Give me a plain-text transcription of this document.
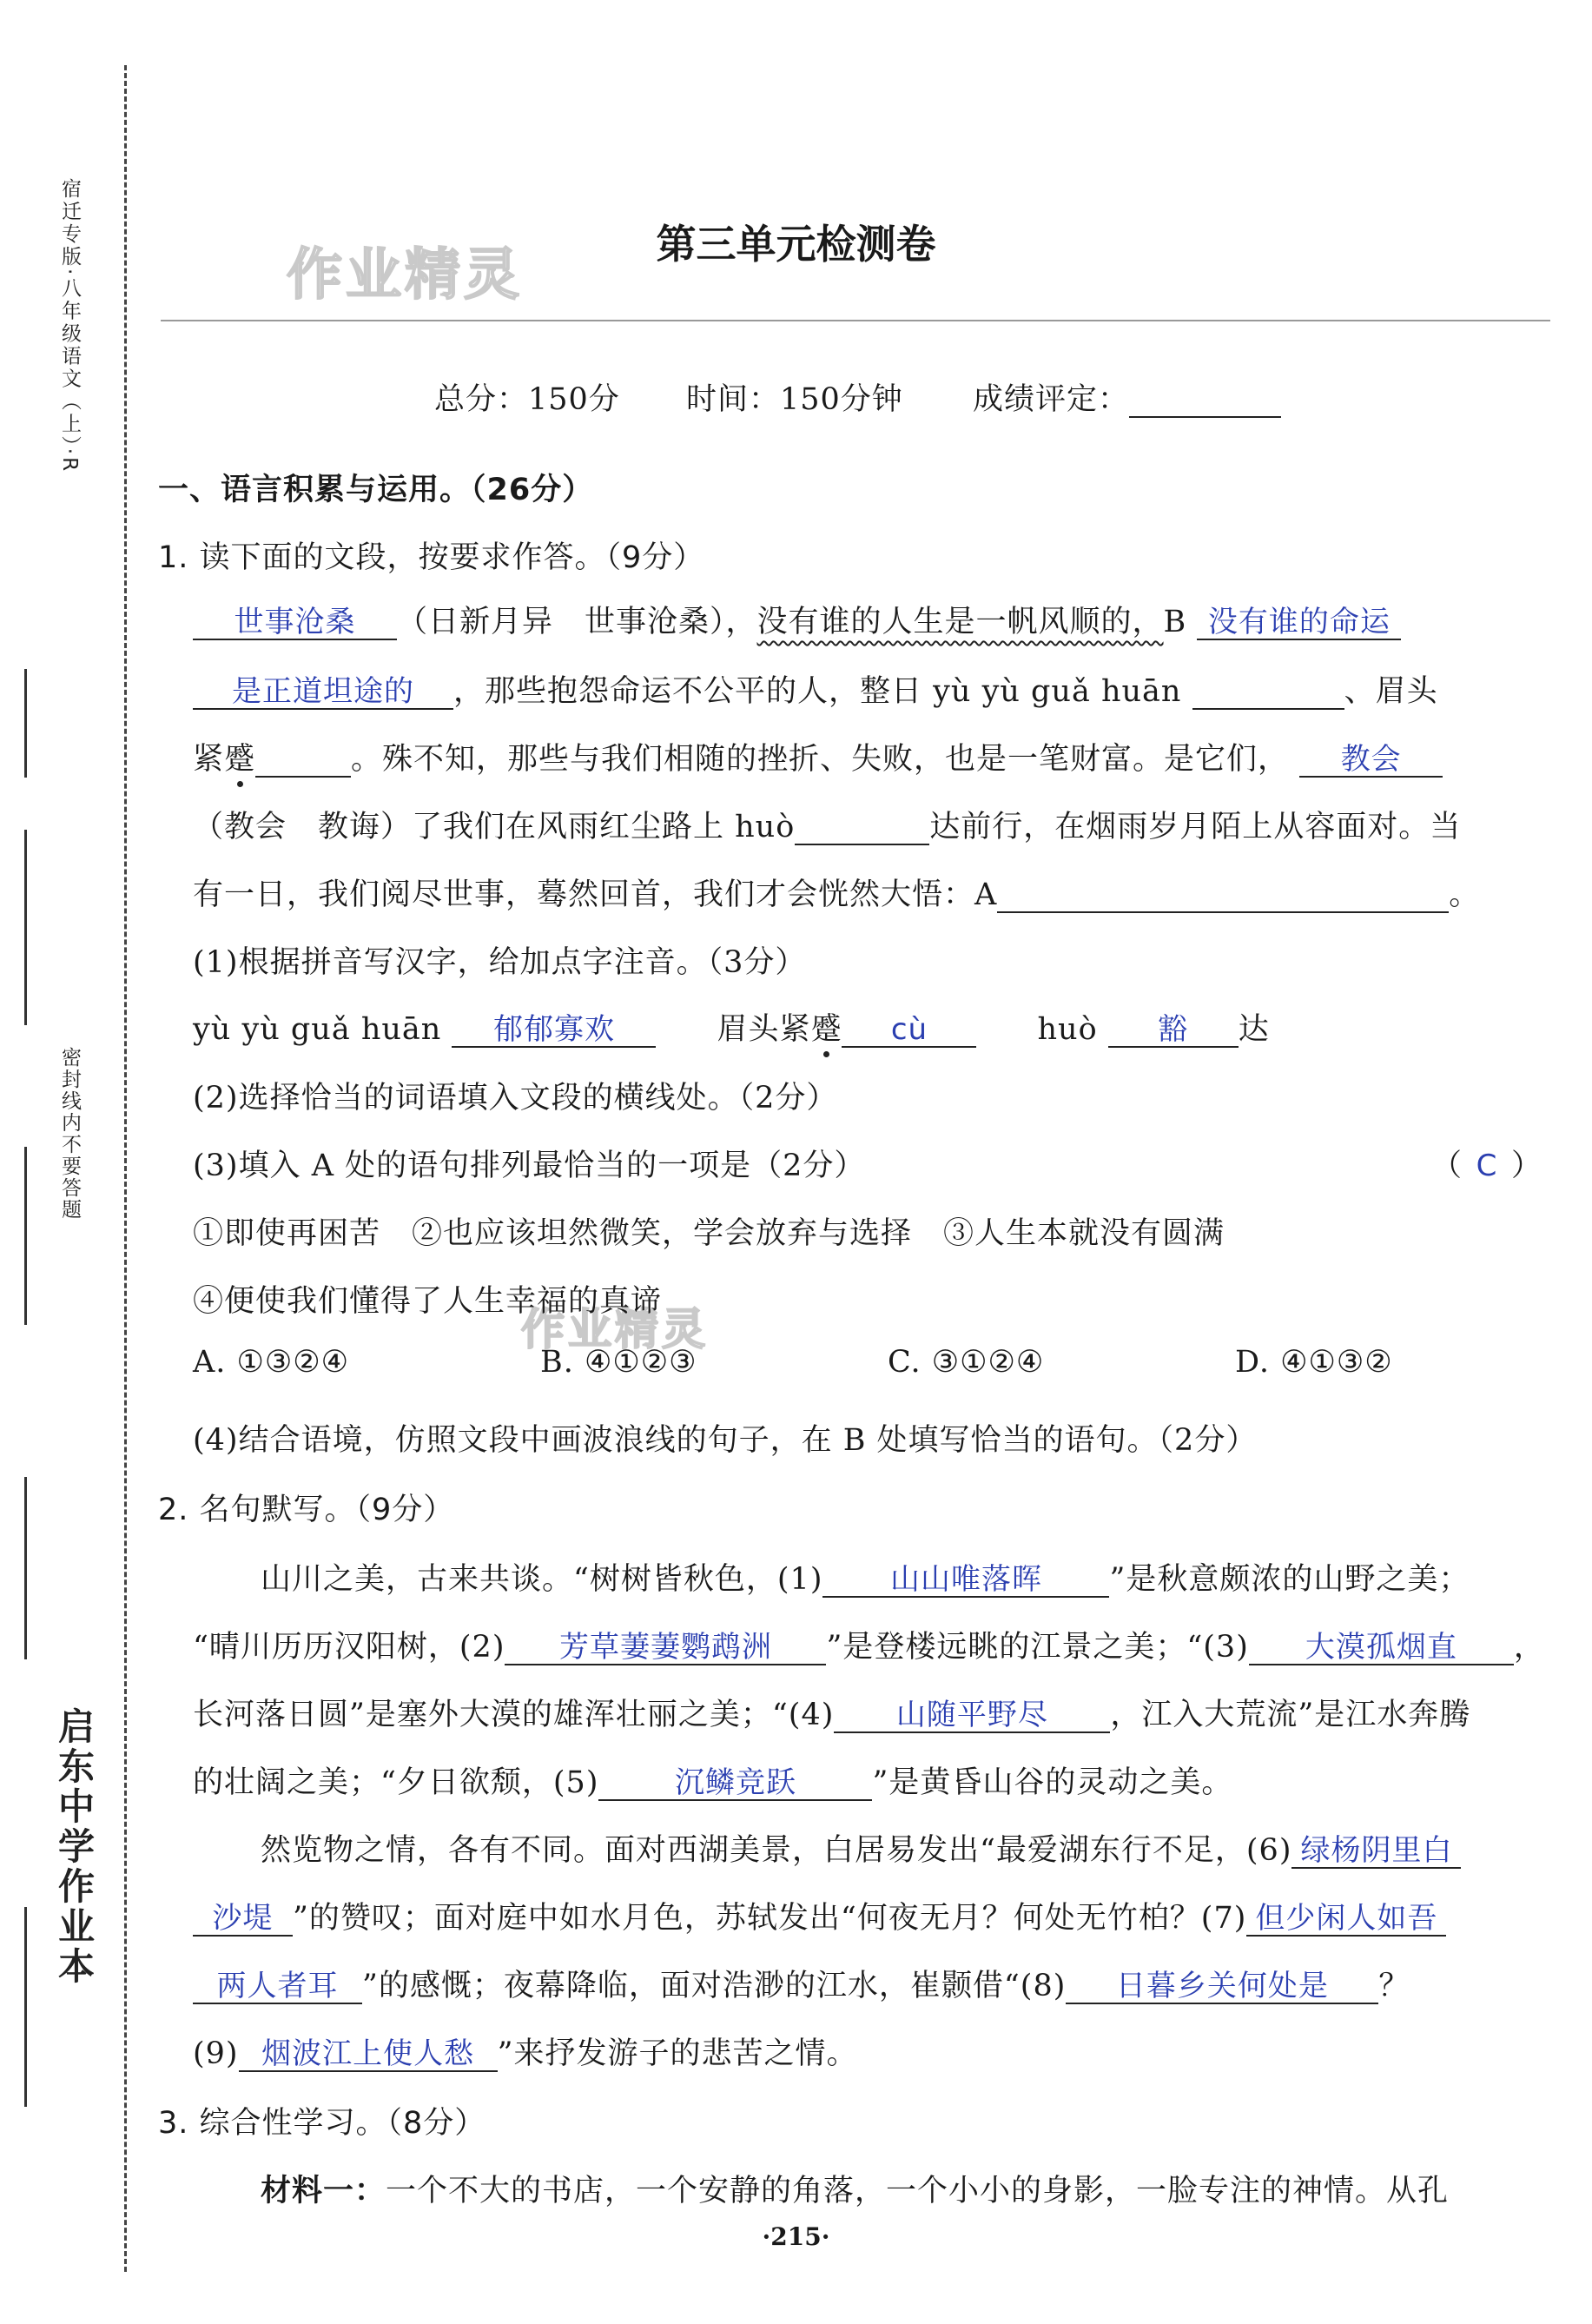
宿迁专版·八年级语文（上）·R
密封线内不要答题
启东中学作业本
作业精灵
作业精灵
第三单元检测卷
总分：150分 时间：150分钟 成绩评定：
一、语言积累与运用。（26分）
1. 读下面的文段，按要求作答。（9分）
世事沧桑 （日新月异　世事沧桑），没有谁的人生是一帆风顺的，B 没有谁的命运
是正道坦途的 ，那些抱怨命运不公平的人，整日 yù yù guǎ huān	、眉头
紧蹙	。殊不知，那些与我们相随的挫折、失败，也是一笔财富。是它们， 教会
（教会　教诲）了我们在风雨红尘路上 huò	达前行，在烟雨岁月陌上从容面对。当
有一日，我们阅尽世事，蓦然回首，我们才会恍然大悟：A	。
(1)根据拼音写汉字，给加点字注音。（3分）
yù yù guǎ huān 郁郁寡欢	眉头紧蹙 cù	huò 豁 达
(2)选择恰当的词语填入文段的横线处。（2分）
(3)填入 A 处的语句排列最恰当的一项是（2分）	（ C ）
①即使再困苦　②也应该坦然微笑，学会放弃与选择　③人生本就没有圆满
④便使我们懂得了人生幸福的真谛
A. ①③②④	B. ④①②③	C. ③①②④	D. ④①③②
(4)结合语境，仿照文段中画波浪线的句子，在 B 处填写恰当的语句。（2分）
2. 名句默写。（9分）
山川之美，古来共谈。“树树皆秋色，(1) 山山唯落晖 ”是秋意颇浓的山野之美；
“晴川历历汉阳树，(2) 芳草萋萋鹦鹉洲 ”是登楼远眺的江景之美；“(3) 大漠孤烟直 ，
长河落日圆”是塞外大漠的雄浑壮丽之美；“(4) 山随平野尽 ，江入大荒流”是江水奔腾
的壮阔之美；“夕日欲颓，(5)	沉鳞竞跃	”是黄昏山谷的灵动之美。
然览物之情，各有不同。面对西湖美景，白居易发出“最爱湖东行不足，(6) 绿杨阴里白
沙堤 ”的赞叹；面对庭中如水月色，苏轼发出“何夜无月？何处无竹柏？(7) 但少闲人如吾
两人者耳 ”的感慨；夜幕降临，面对浩渺的江水，崔颢借“(8) 日暮乡关何处是 ？
(9) 烟波江上使人愁 ”来抒发游子的悲苦之情。
3. 综合性学习。（8分）
材料一：一个不大的书店，一个安静的角落，一个小小的身影，一脸专注的神情。从孔
·215·
